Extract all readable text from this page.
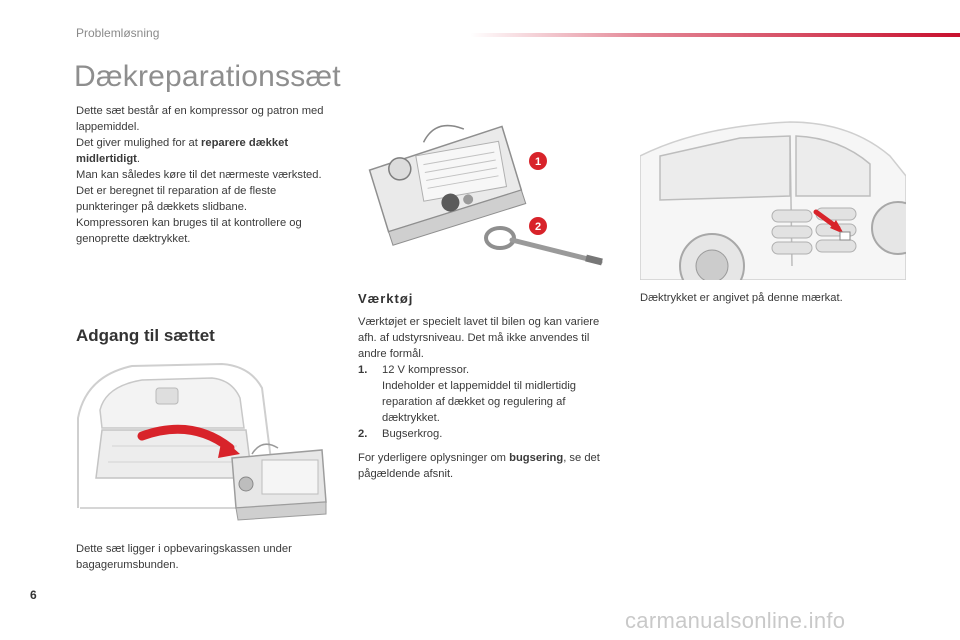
Problemløsning
Dækreparationssæt
Dette sæt består af en kompressor og patron med lappemiddel.
Det giver mulighed for at reparere dækket midlertidigt.
Man kan således køre til det nærmeste værksted.
Det er beregnet til reparation af de fleste punkteringer på dækkets slidbane.
Kompressoren kan bruges til at kontrollere og genoprette dæktrykket.
Adgang til sættet
Dette sæt ligger i opbevaringskassen under bagagerumsbunden.
1
2
Værktøj
Værktøjet er specielt lavet til bilen og kan variere afh. af udstyrsniveau. Det må ikke anvendes til andre formål.
1. 12 V kompressor.
Indeholder et lappemiddel til midlertidig reparation af dækket og regulering af dæktrykket.
2. Bugserkrog.
For yderligere oplysninger om bugsering, se det pågældende afsnit.
Dæktrykket er angivet på denne mærkat.
6
carmanualsonline.info
